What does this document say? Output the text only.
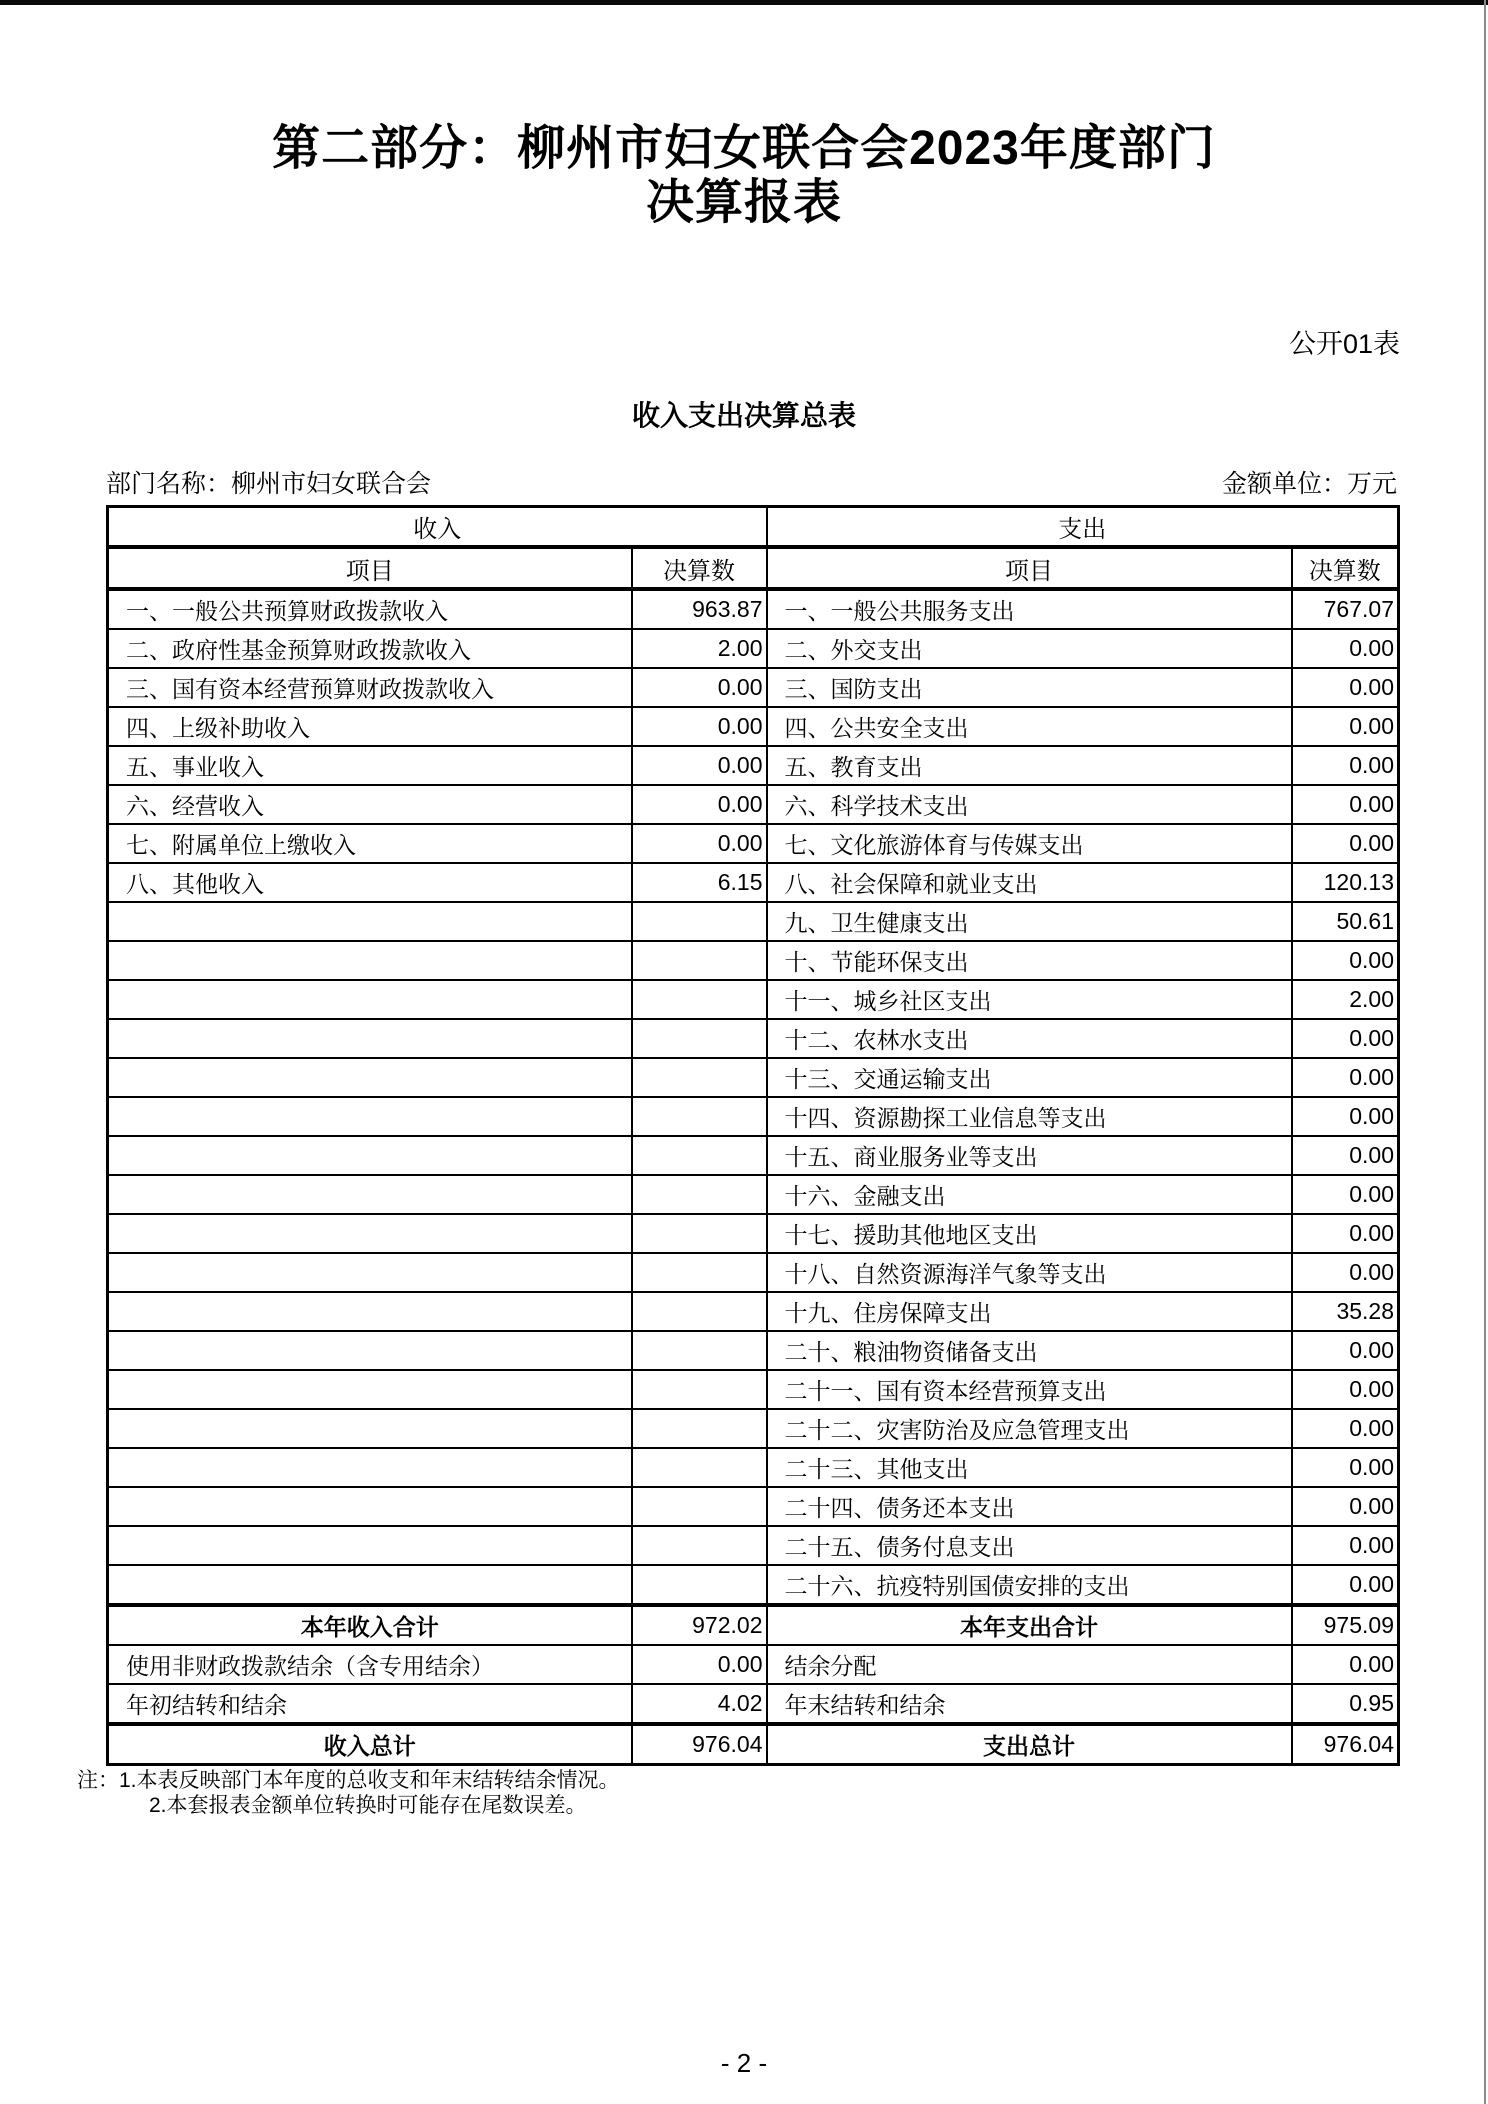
第二部分：柳州市妇女联合会2023年度部门
决算报表
公开01表
收入支出决算总表
部门名称：柳州市妇女联合会	金额单位：万元
收入		支出	
项目	决算数	项目	决算数
一、一般公共预算财政拨款收入	963.87	一、一般公共服务支出	767.07
二、政府性基金预算财政拨款收入	2.00	二、外交支出	0.00
三、国有资本经营预算财政拨款收入	0.00	三、国防支出	0.00
四、上级补助收入	0.00	四、公共安全支出	0.00
五、事业收入	0.00	五、教育支出	0.00
六、经营收入	0.00	六、科学技术支出	0.00
七、附属单位上缴收入	0.00	七、文化旅游体育与传媒支出	0.00
八、其他收入	6.15	八、社会保障和就业支出	120.13
		九、卫生健康支出	50.61
		十、节能环保支出	0.00
		十一、城乡社区支出	2.00
		十二、农林水支出	0.00
		十三、交通运输支出	0.00
		十四、资源勘探工业信息等支出	0.00
		十五、商业服务业等支出	0.00
		十六、金融支出	0.00
		十七、援助其他地区支出	0.00
		十八、自然资源海洋气象等支出	0.00
		十九、住房保障支出	35.28
		二十、粮油物资储备支出	0.00
		二十一、国有资本经营预算支出	0.00
		二十二、灾害防治及应急管理支出	0.00
		二十三、其他支出	0.00
		二十四、债务还本支出	0.00
		二十五、债务付息支出	0.00
		二十六、抗疫特别国债安排的支出	0.00
本年收入合计	972.02	本年支出合计	975.09
使用非财政拨款结余（含专用结余）	0.00	结余分配	0.00
年初结转和结余	4.02	年末结转和结余	0.95
收入总计	976.04	支出总计	976.04
注：1.本表反映部门本年度的总收支和年末结转结余情况。
2.本套报表金额单位转换时可能存在尾数误差。
- 2 -
